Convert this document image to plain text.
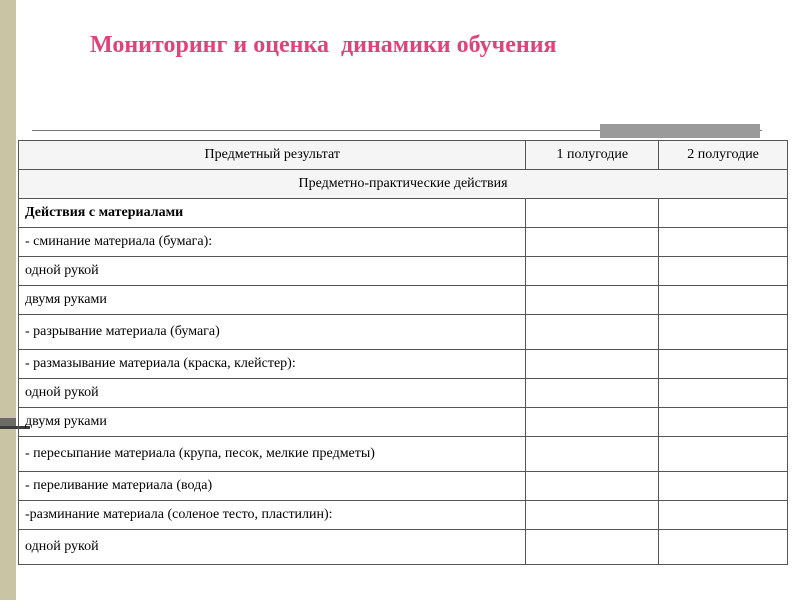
Мониторинг и оценка  динамики обучения
Предметный результат	1 полугодие	2 полугодие
Предметно-практические действия		
Действия с материалами		
- сминание материала (бумага):		
одной рукой		
двумя руками		
- разрывание материала (бумага)		
- размазывание материала (краска, клейстер):		
одной рукой		
двумя руками		
- пересыпание материала (крупа, песок, мелкие предметы)		
- переливание материала (вода)		
-разминание материала (соленое тесто, пластилин):		
одной рукой		
